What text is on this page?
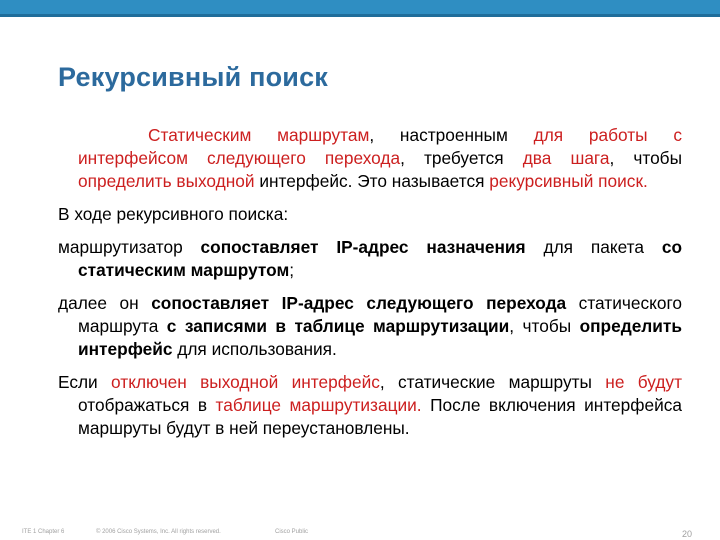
Рекурсивный поиск

Статическим маршрутам, настроенным для работы с интерфейсом следующего перехода, требуется два шага, чтобы определить выходной интерфейс. Это называется рекурсивный поиск.

В ходе рекурсивного поиска:

маршрутизатор сопоставляет IP-адрес назначения для пакета со статическим маршрутом;

далее он сопоставляет IP-адрес следующего перехода статического маршрута с записями в таблице маршрутизации, чтобы определить интерфейс для использования.

Если отключен выходной интерфейс, статические маршруты не будут отображаться в таблице маршрутизации. После включения интерфейса маршруты будут в ней переустановлены.

ITE 1 Chapter 6	© 2006 Cisco Systems, Inc. All rights reserved.	Cisco Public	20
